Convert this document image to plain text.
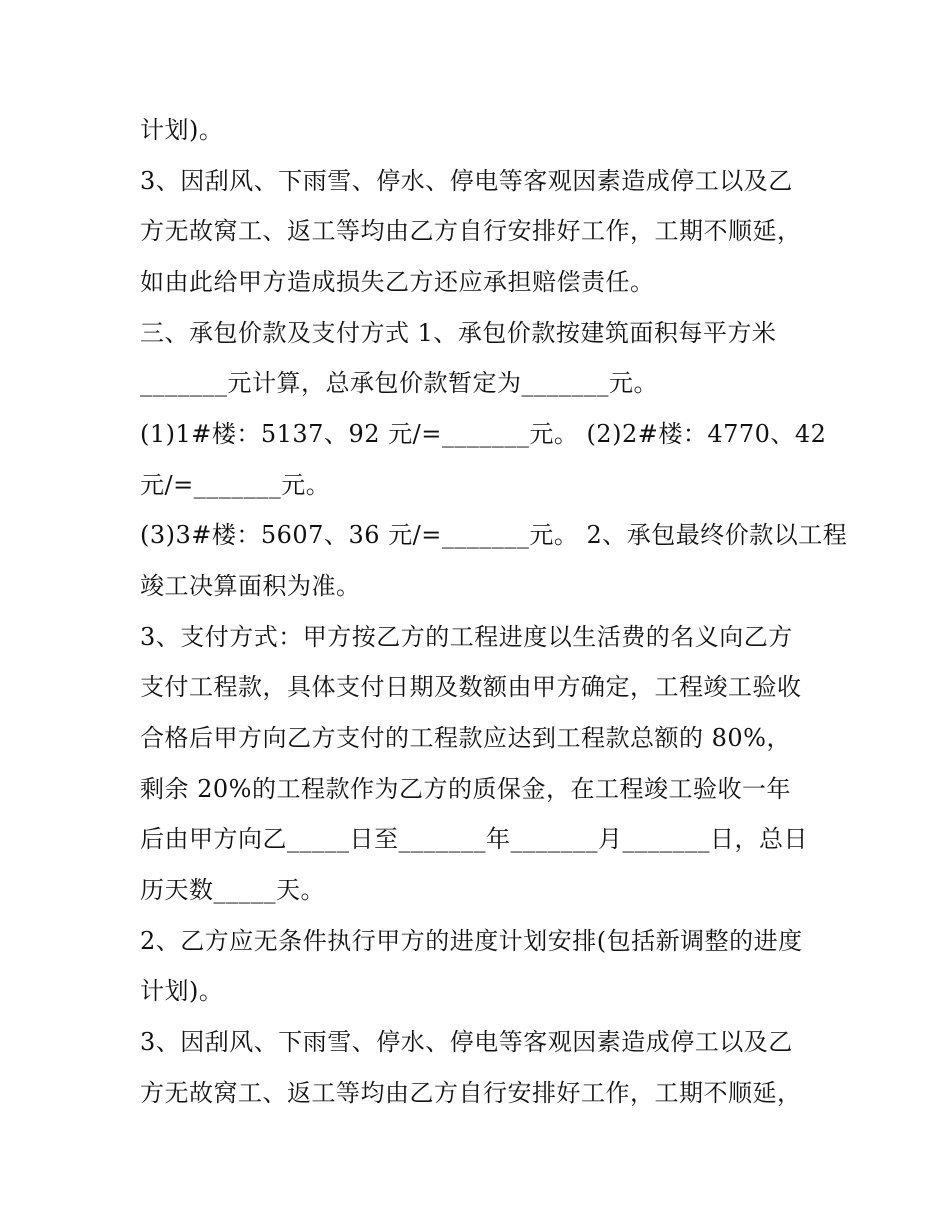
计划)。
3、因刮风、下雨雪、停水、停电等客观因素造成停工以及乙
方无故窝工、返工等均由乙方自行安排好工作，工期不顺延，
如由此给甲方造成损失乙方还应承担赔偿责任。
三、承包价款及支付方式 1、承包价款按建筑面积每平方米
_______元计算，总承包价款暂定为_______元。
(1)1#楼：5137、92 元/=_______元。 (2)2#楼：4770、42
元/=_______元。
(3)3#楼：5607、36 元/=_______元。 2、承包最终价款以工程
竣工决算面积为准。
3、支付方式：甲方按乙方的工程进度以生活费的名义向乙方
支付工程款，具体支付日期及数额由甲方确定，工程竣工验收
合格后甲方向乙方支付的工程款应达到工程款总额的 80%，
剩余 20%的工程款作为乙方的质保金，在工程竣工验收一年
后由甲方向乙_____日至_______年_______月_______日，总日
历天数_____天。
2、乙方应无条件执行甲方的进度计划安排(包括新调整的进度
计划)。
3、因刮风、下雨雪、停水、停电等客观因素造成停工以及乙
方无故窝工、返工等均由乙方自行安排好工作，工期不顺延，
